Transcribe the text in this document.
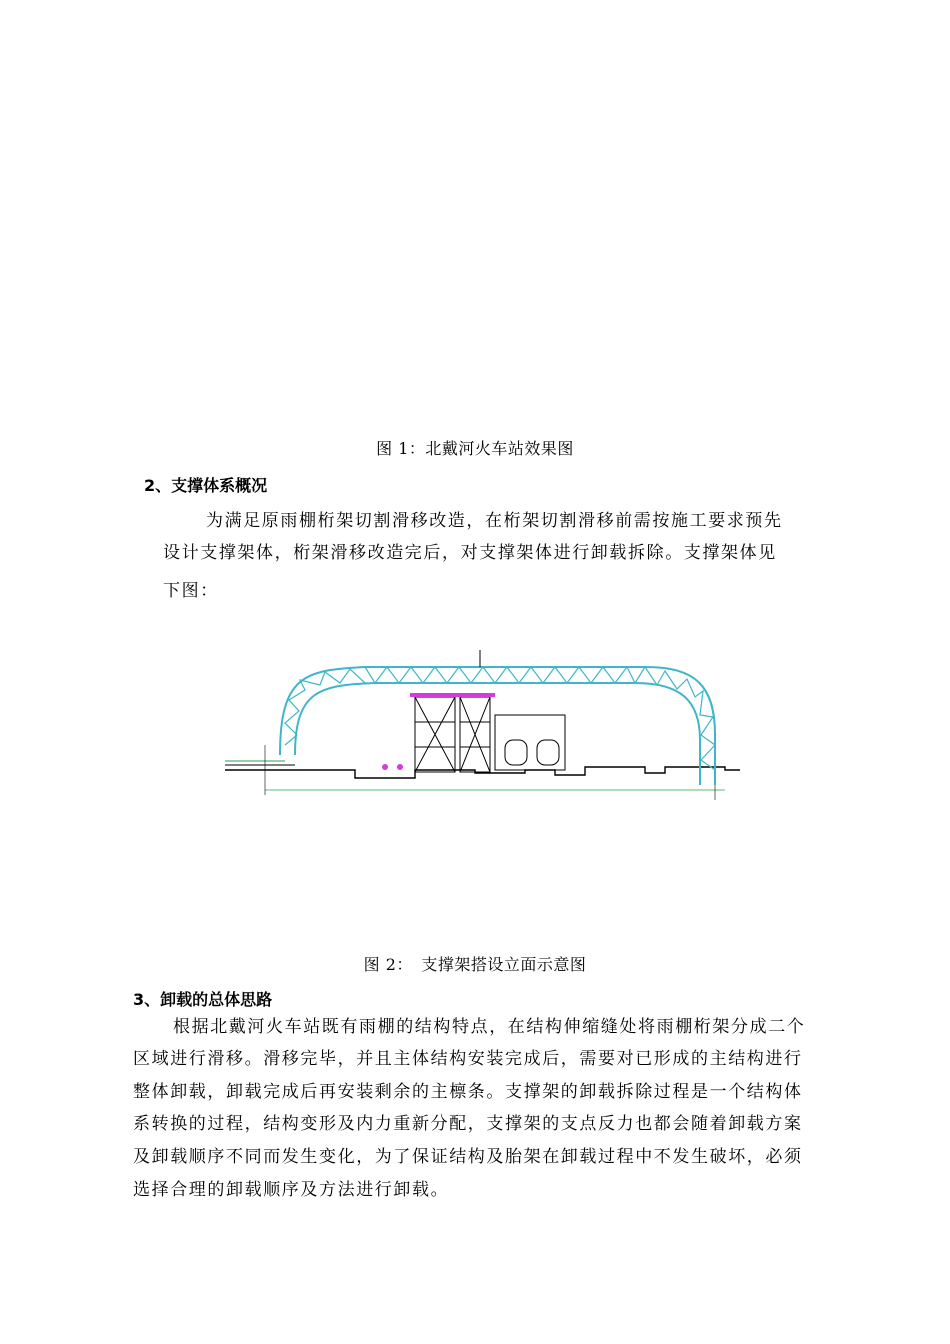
图 1：北戴河火车站效果图
2、支撑体系概况

为满足原雨棚桁架切割滑移改造，在桁架切割滑移前需按施工要求预先

设计支撑架体，桁架滑移改造完后，对支撑架体进行卸载拆除。支撑架体见

下图：

图 2：　支撑架搭设立面示意图
3、卸载的总体思路

根据北戴河火车站既有雨棚的结构特点，在结构伸缩缝处将雨棚桁架分成二个

区域进行滑移。滑移完毕，并且主体结构安装完成后，需要对已形成的主结构进行

整体卸载，卸载完成后再安装剩余的主檩条。支撑架的卸载拆除过程是一个结构体

系转换的过程，结构变形及内力重新分配，支撑架的支点反力也都会随着卸载方案

及卸载顺序不同而发生变化，为了保证结构及胎架在卸载过程中不发生破坏，必须

选择合理的卸载顺序及方法进行卸载。
